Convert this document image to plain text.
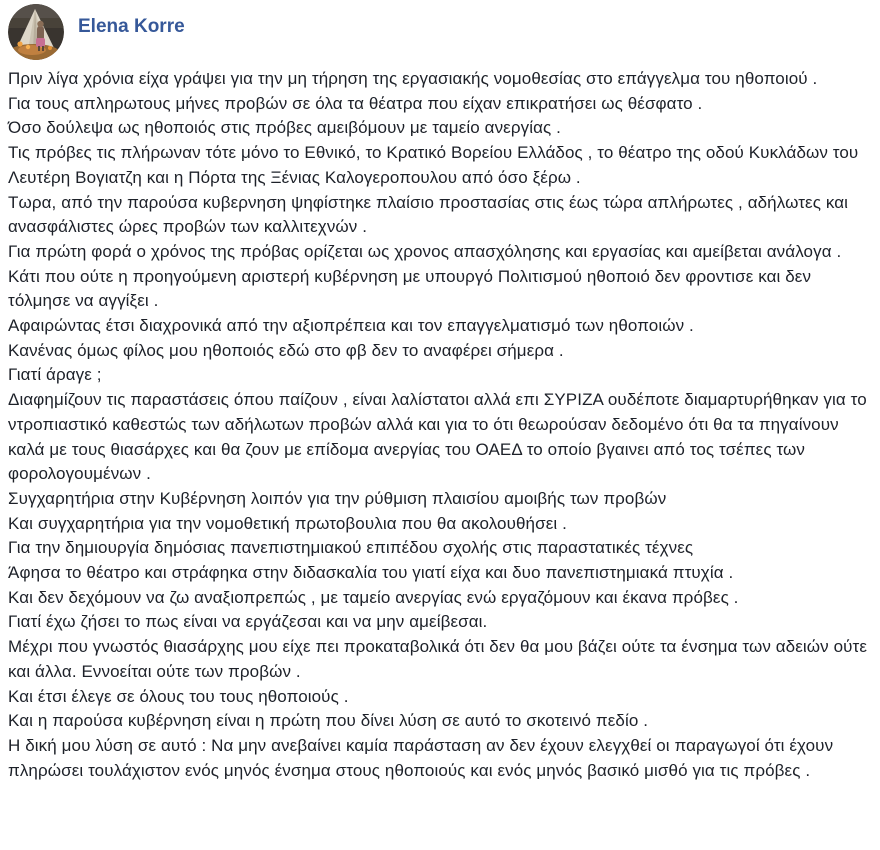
Elena Korre
Πριν λίγα χρόνια είχα γράψει για την μη τήρηση της εργασιακής νομοθεσίας στο επάγγελμα του ηθοποιού .
Για τους απληρωτους μήνες προβών σε όλα τα θέατρα που είχαν επικρατήσει ως θέσφατο .
Όσο δούλεψα ως ηθοποιός στις πρόβες αμειβόμουν με ταμείο ανεργίας .
Τις πρόβες τις πλήρωναν τότε μόνο το Εθνικό, το Κρατικό Βορείου Ελλάδος , το θέατρο της οδού Κυκλάδων του Λευτέρη Βογιατζη και η Πόρτα της Ξένιας Καλογεροπουλου από όσο ξέρω .
Τωρα, από την παρούσα κυβερνηση ψηφίστηκε πλαίσιο προστασίας στις έως τώρα απλήρωτες , αδήλωτες και ανασφάλιστες ώρες προβών των καλλιτεχνών .
Για πρώτη φορά ο χρόνος της πρόβας ορίζεται ως χρονος απασχόλησης και εργασίας και αμείβεται ανάλογα .
Κάτι που ούτε η προηγούμενη αριστερή κυβέρνηση με υπουργό Πολιτισμού ηθοποιό δεν φροντισε και δεν τόλμησε να αγγίξει .
Αφαιρώντας έτσι διαχρονικά από την αξιοπρέπεια και τον επαγγελματισμό των ηθοποιών .
Κανένας όμως φίλος μου ηθοποιός εδώ στο φβ δεν το αναφέρει σήμερα .
Γιατί άραγε ;
Διαφημίζουν τις παραστάσεις όπου παίζουν , είναι λαλίστατοι αλλά επι ΣΥΡΙΖΑ ουδέποτε διαμαρτυρήθηκαν για το ντροπιαστικό καθεστώς των αδήλωτων προβών αλλά και για το ότι θεωρούσαν δεδομένο ότι θα τα πηγαίνουν καλά με τους θιασάρχες και θα ζουν με επίδομα ανεργίας του ΟΑΕΔ το οποίο βγαινει από τος τσέπες των φορολογουμένων .
Συγχαρητήρια στην Κυβέρνηση λοιπόν για την ρύθμιση πλαισίου αμοιβής των προβών
Και συγχαρητήρια για την νομοθετική πρωτοβουλια που θα ακολουθήσει .
Για την δημιουργία δημόσιας πανεπιστημιακού επιπέδου σχολής στις παραστατικές τέχνες
Άφησα το θέατρο και στράφηκα στην διδασκαλία του γιατί είχα και δυο πανεπιστημιακά πτυχία .
Και δεν δεχόμουν να ζω αναξιοπρεπώς , με ταμείο ανεργίας ενώ εργαζόμουν και έκανα πρόβες .
Γιατί έχω ζήσει το πως είναι να εργάζεσαι και να μην αμείβεσαι.
Μέχρι που γνωστός θιασάρχης μου είχε πει προκαταβολικά ότι δεν θα μου βάζει ούτε τα ένσημα των αδειών ούτε και άλλα. Εννοείται ούτε των προβών .
Και έτσι έλεγε σε όλους του τους ηθοποιούς .
Και η παρούσα κυβέρνηση είναι η πρώτη που δίνει λύση σε αυτό το σκοτεινό πεδίο .
Η δική μου λύση σε αυτό : Να μην ανεβαίνει καμία παράσταση αν δεν έχουν ελεγχθεί οι παραγωγοί ότι έχουν πληρώσει τουλάχιστον ενός μηνός ένσημα στους ηθοποιούς και ενός μηνός βασικό μισθό για τις πρόβες .
